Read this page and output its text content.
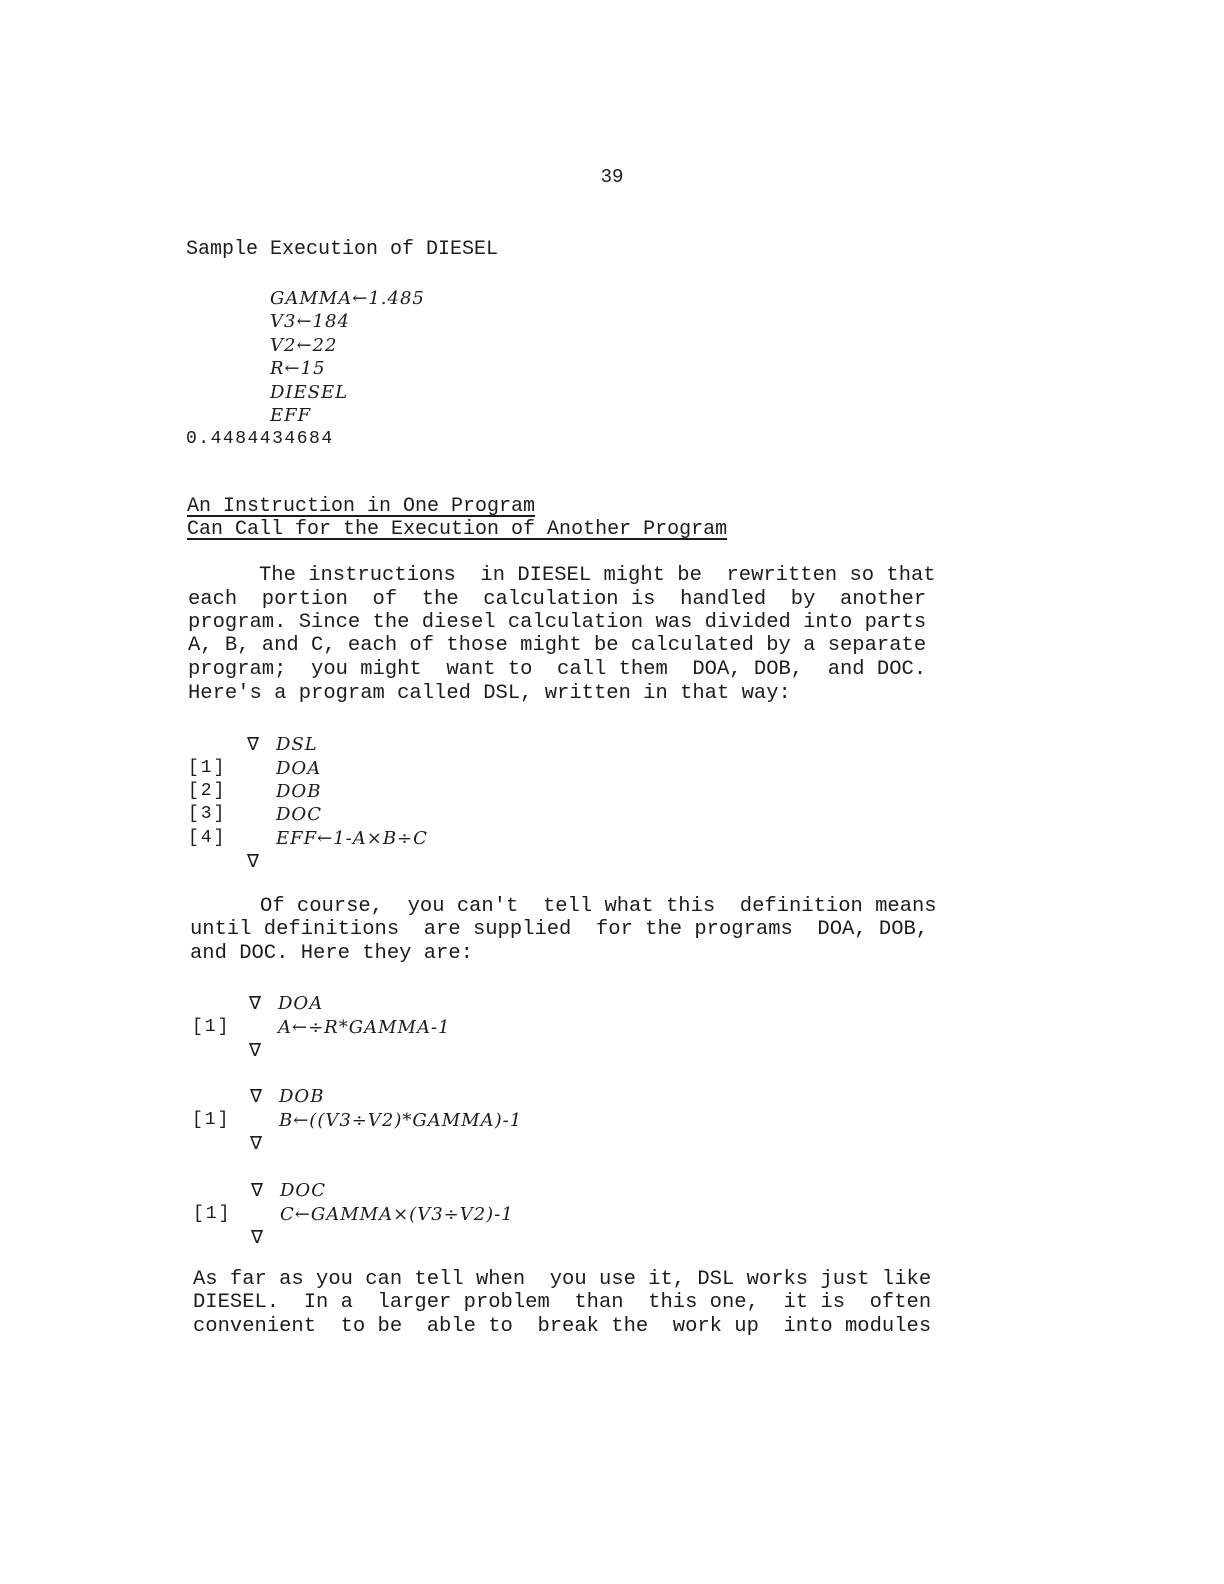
39
Sample Execution of DIESEL
GAMMA←1.485
V3←184
V2←22
R←15
DIESEL
EFF
0.4484434684
An Instruction in One Program
Can Call for the Execution of Another Program
The instructions  in DIESEL might be  rewritten so that
each  portion  of  the  calculation is  handled  by  another
program. Since the diesel calculation was divided into parts
A, B, and C, each of those might be calculated by a separate
program;  you might  want to  call them  DOA, DOB,  and DOC.
Here's a program called DSL, written in that way:
∇ DSL
[1]	DOA
[2]	DOB
[3]	DOC
[4]	EFF←1-A×B÷C
∇
Of course,  you can't  tell what this  definition means
until definitions  are supplied  for the programs  DOA, DOB,
and DOC. Here they are:
∇ DOA
[1]	A←÷R*GAMMA-1
∇
∇ DOB
[1]	B←((V3÷V2)*GAMMA)-1
∇
∇ DOC
[1]	C←GAMMA×(V3÷V2)-1
∇
As far as you can tell when  you use it, DSL works just like
DIESEL.  In a  larger problem  than  this one,  it is  often
convenient  to be  able to  break the  work up  into modules
